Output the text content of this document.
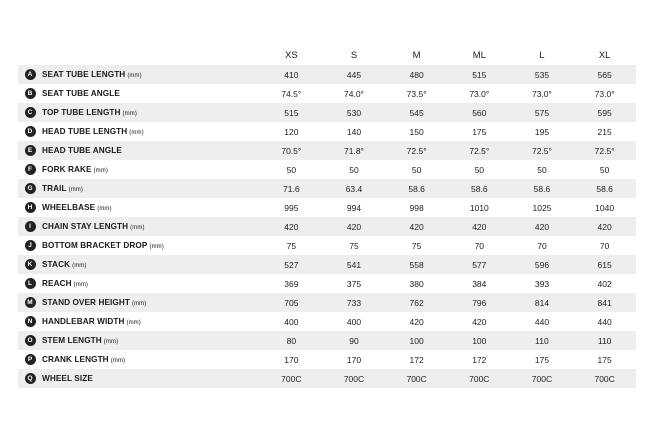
		XS	S	M	ML	L	XL
A	SEAT TUBE LENGTH (mm)	410	445	480	515	535	565
B	SEAT TUBE ANGLE	74.5°	74.0°	73.5°	73.0°	73.0°	73.0°
C	TOP TUBE LENGTH (mm)	515	530	545	560	575	595
D	HEAD TUBE LENGTH (mm)	120	140	150	175	195	215
E	HEAD TUBE ANGLE	70.5°	71.8°	72.5°	72.5°	72.5°	72.5°
F	FORK RAKE (mm)	50	50	50	50	50	50
G	TRAIL (mm)	71.6	63.4	58.6	58.6	58.6	58.6
H	WHEELBASE (mm)	995	994	998	1010	1025	1040
I	CHAIN STAY LENGTH (mm)	420	420	420	420	420	420
J	BOTTOM BRACKET DROP (mm)	75	75	75	70	70	70
K	STACK (mm)	527	541	558	577	596	615
L	REACH (mm)	369	375	380	384	393	402
M	STAND OVER HEIGHT (mm)	705	733	762	796	814	841
N	HANDLEBAR WIDTH (mm)	400	400	420	420	440	440
O	STEM LENGTH (mm)	80	90	100	100	110	110
P	CRANK LENGTH (mm)	170	170	172	172	175	175
Q	WHEEL SIZE	700C	700C	700C	700C	700C	700C
